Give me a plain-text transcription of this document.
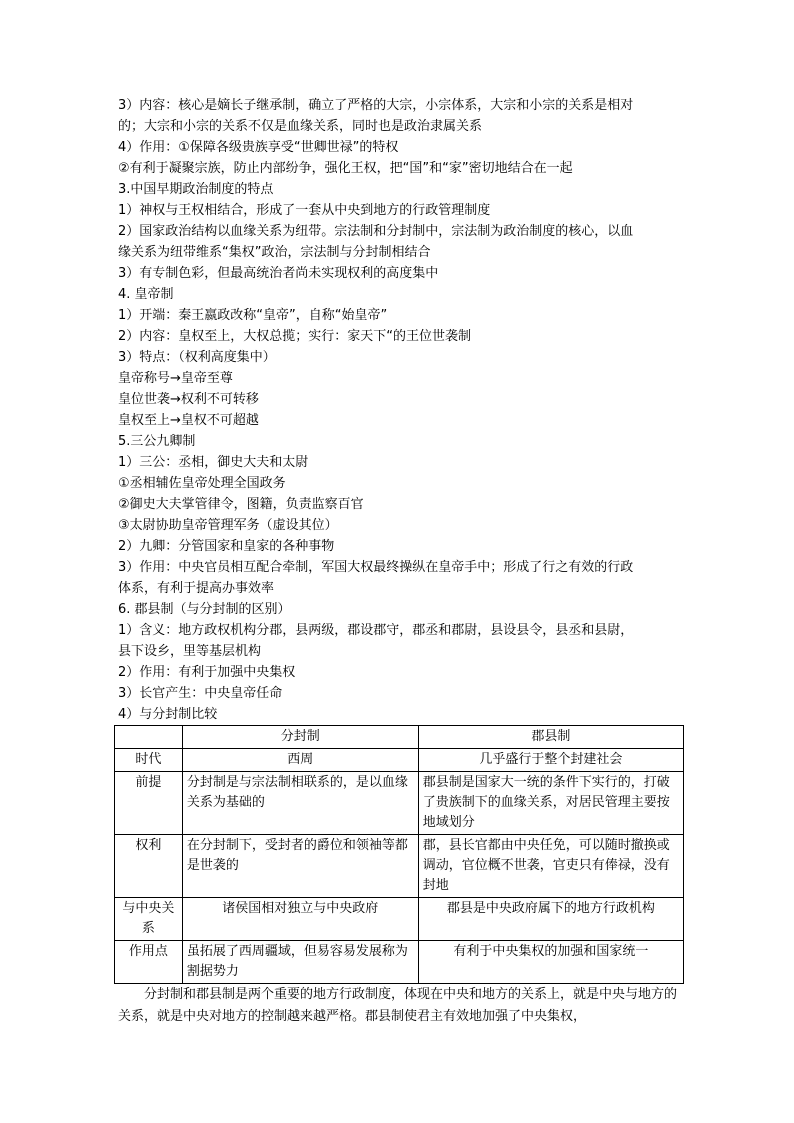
3）内容：核心是嫡长子继承制，确立了严格的大宗，小宗体系，大宗和小宗的关系是相对
的；大宗和小宗的关系不仅是血缘关系，同时也是政治隶属关系
4）作用：①保障各级贵族享受“世卿世禄”的特权
②有利于凝聚宗族，防止内部纷争，强化王权，把“国”和“家”密切地结合在一起
3.中国早期政治制度的特点
1）神权与王权相结合，形成了一套从中央到地方的行政管理制度
2）国家政治结构以血缘关系为纽带。宗法制和分封制中，宗法制为政治制度的核心，以血
缘关系为纽带维系“集权”政治，宗法制与分封制相结合
3）有专制色彩，但最高统治者尚未实现权利的高度集中
4. 皇帝制
1）开端：秦王嬴政改称“皇帝”，自称“始皇帝”
2）内容：皇权至上，大权总揽；实行：家天下“的王位世袭制
3）特点：（权利高度集中）
皇帝称号→皇帝至尊
皇位世袭→权利不可转移
皇权至上→皇权不可超越
5.三公九卿制
1）三公：丞相，御史大夫和太尉
①丞相辅佐皇帝处理全国政务
②御史大夫掌管律令，图籍，负责监察百官
③太尉协助皇帝管理军务（虚设其位）
2）九卿：分管国家和皇家的各种事物
3）作用：中央官员相互配合牵制，军国大权最终操纵在皇帝手中；形成了行之有效的行政
体系，有利于提高办事效率
6. 郡县制（与分封制的区别）
1）含义：地方政权机构分郡，县两级，郡设郡守，郡丞和郡尉，县设县令，县丞和县尉，
县下设乡，里等基层机构
2）作用：有利于加强中央集权
3）长官产生：中央皇帝任命
4）与分封制比较
	分封制	郡县制
时代	西周	几乎盛行于整个封建社会
前提	分封制是与宗法制相联系的，是以血缘关系为基础的	郡县制是国家大一统的条件下实行的，打破了贵族制下的血缘关系，对居民管理主要按地域划分
权利	在分封制下，受封者的爵位和领袖等都是世袭的	郡，县长官都由中央任免，可以随时撤换或调动，官位概不世袭，官吏只有俸禄，没有封地
与中央关系	诸侯国相对独立与中央政府	郡县是中央政府属下的地方行政机构
作用点	虽拓展了西周疆域，但易容易发展称为割据势力	有利于中央集权的加强和国家统一

分封制和郡县制是两个重要的地方行政制度，体现在中央和地方的关系上，就是中央与地方的关系，就是中央对地方的控制越来越严格。郡县制使君主有效地加强了中央集权，
